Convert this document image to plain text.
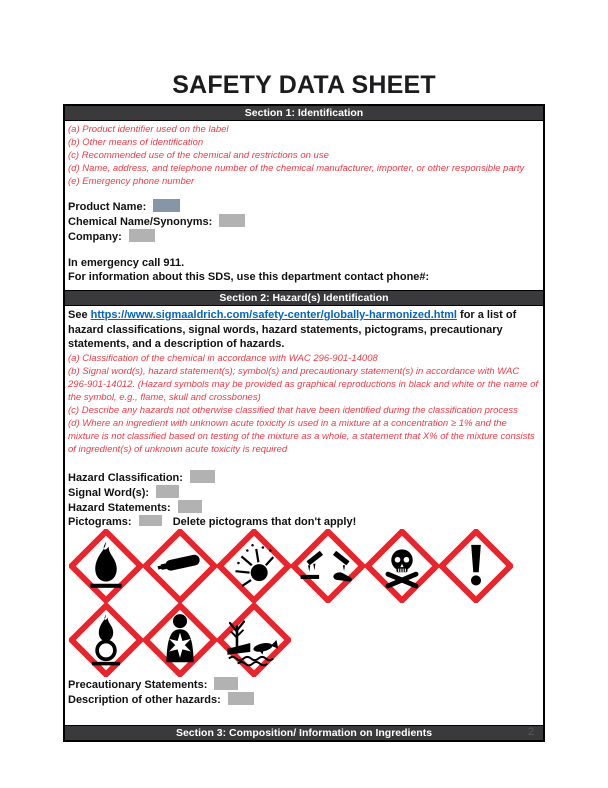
SAFETY DATA SHEET
Section 1: Identification
(a) Product identifier used on the label
(b) Other means of identification
(c) Recommended use of the chemical and restrictions on use
(d) Name, address, and telephone number of the chemical manufacturer, importer, or other responsible party
(e) Emergency phone number
Product Name:
Chemical Name/Synonyms:
Company:
In emergency call 911.
For information about this SDS, use this department contact phone#:
Section 2: Hazard(s) Identification
See https://www.sigmaaldrich.com/safety-center/globally-harmonized.html for a list of hazard classifications, signal words, hazard statements, pictograms, precautionary statements, and a description of hazards.
(a) Classification of the chemical in accordance with WAC 296-901-14008
(b) Signal word(s), hazard statement(s); symbol(s) and precautionary statement(s) in accordance with WAC 296-901-14012. (Hazard symbols may be provided as graphical reproductions in black and white or the name of the symbol, e.g., flame, skull and crossbones)
(c) Describe any hazards not otherwise classified that have been identified during the classification process
(d) Where an ingredient with unknown acute toxicity is used in a mixture at a concentration ≥ 1% and the mixture is not classified based on testing of the mixture as a whole, a statement that X% of the mixture consists of ingredient(s) of unknown acute toxicity is required
Hazard Classification:
Signal Word(s):
Hazard Statements:
Pictograms:	Delete pictograms that don't apply!
Precautionary Statements:
Description of other hazards:
Section 3: Composition/ Information on Ingredients	2
